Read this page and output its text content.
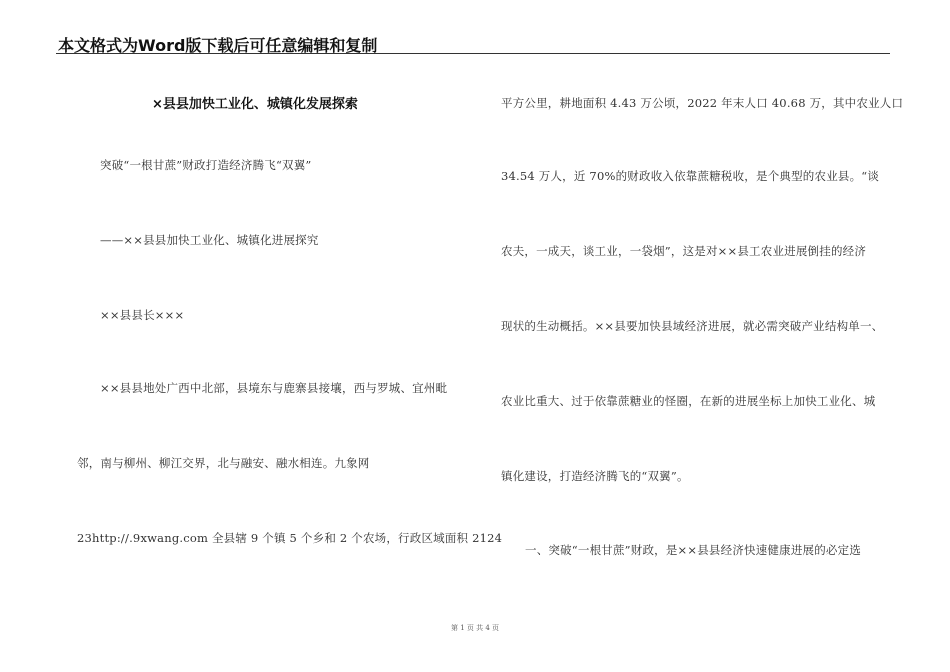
本文格式为Word版下载后可任意编辑和复制
×县县加快工业化、城镇化发展探索
突破“一根甘蔗”财政打造经济腾飞“双翼”
——××县县加快工业化、城镇化进展探究
××县县长×××
××县县地处广西中北部，县境东与鹿寨县接壤，西与罗城、宜州毗
邻，南与柳州、柳江交界，北与融安、融水相连。九象网
23http://.9xwang.com 全县辖 9 个镇 5 个乡和 2 个农场，行政区域面积 2124
平方公里，耕地面积 4.43 万公顷，2022 年末人口 40.68 万，其中农业人口
34.54 万人，近 70%的财政收入依靠蔗糖税收，是个典型的农业县。“谈
农夫，一成天，谈工业，一袋烟”，这是对××县工农业进展倒挂的经济
现状的生动概括。××县要加快县域经济进展，就必需突破产业结构单一、
农业比重大、过于依靠蔗糖业的怪圈，在新的进展坐标上加快工业化、城
镇化建设，打造经济腾飞的“双翼”。
一、突破“一根甘蔗”财政，是××县县经济快速健康进展的必定选
第 1 页 共 4 页
